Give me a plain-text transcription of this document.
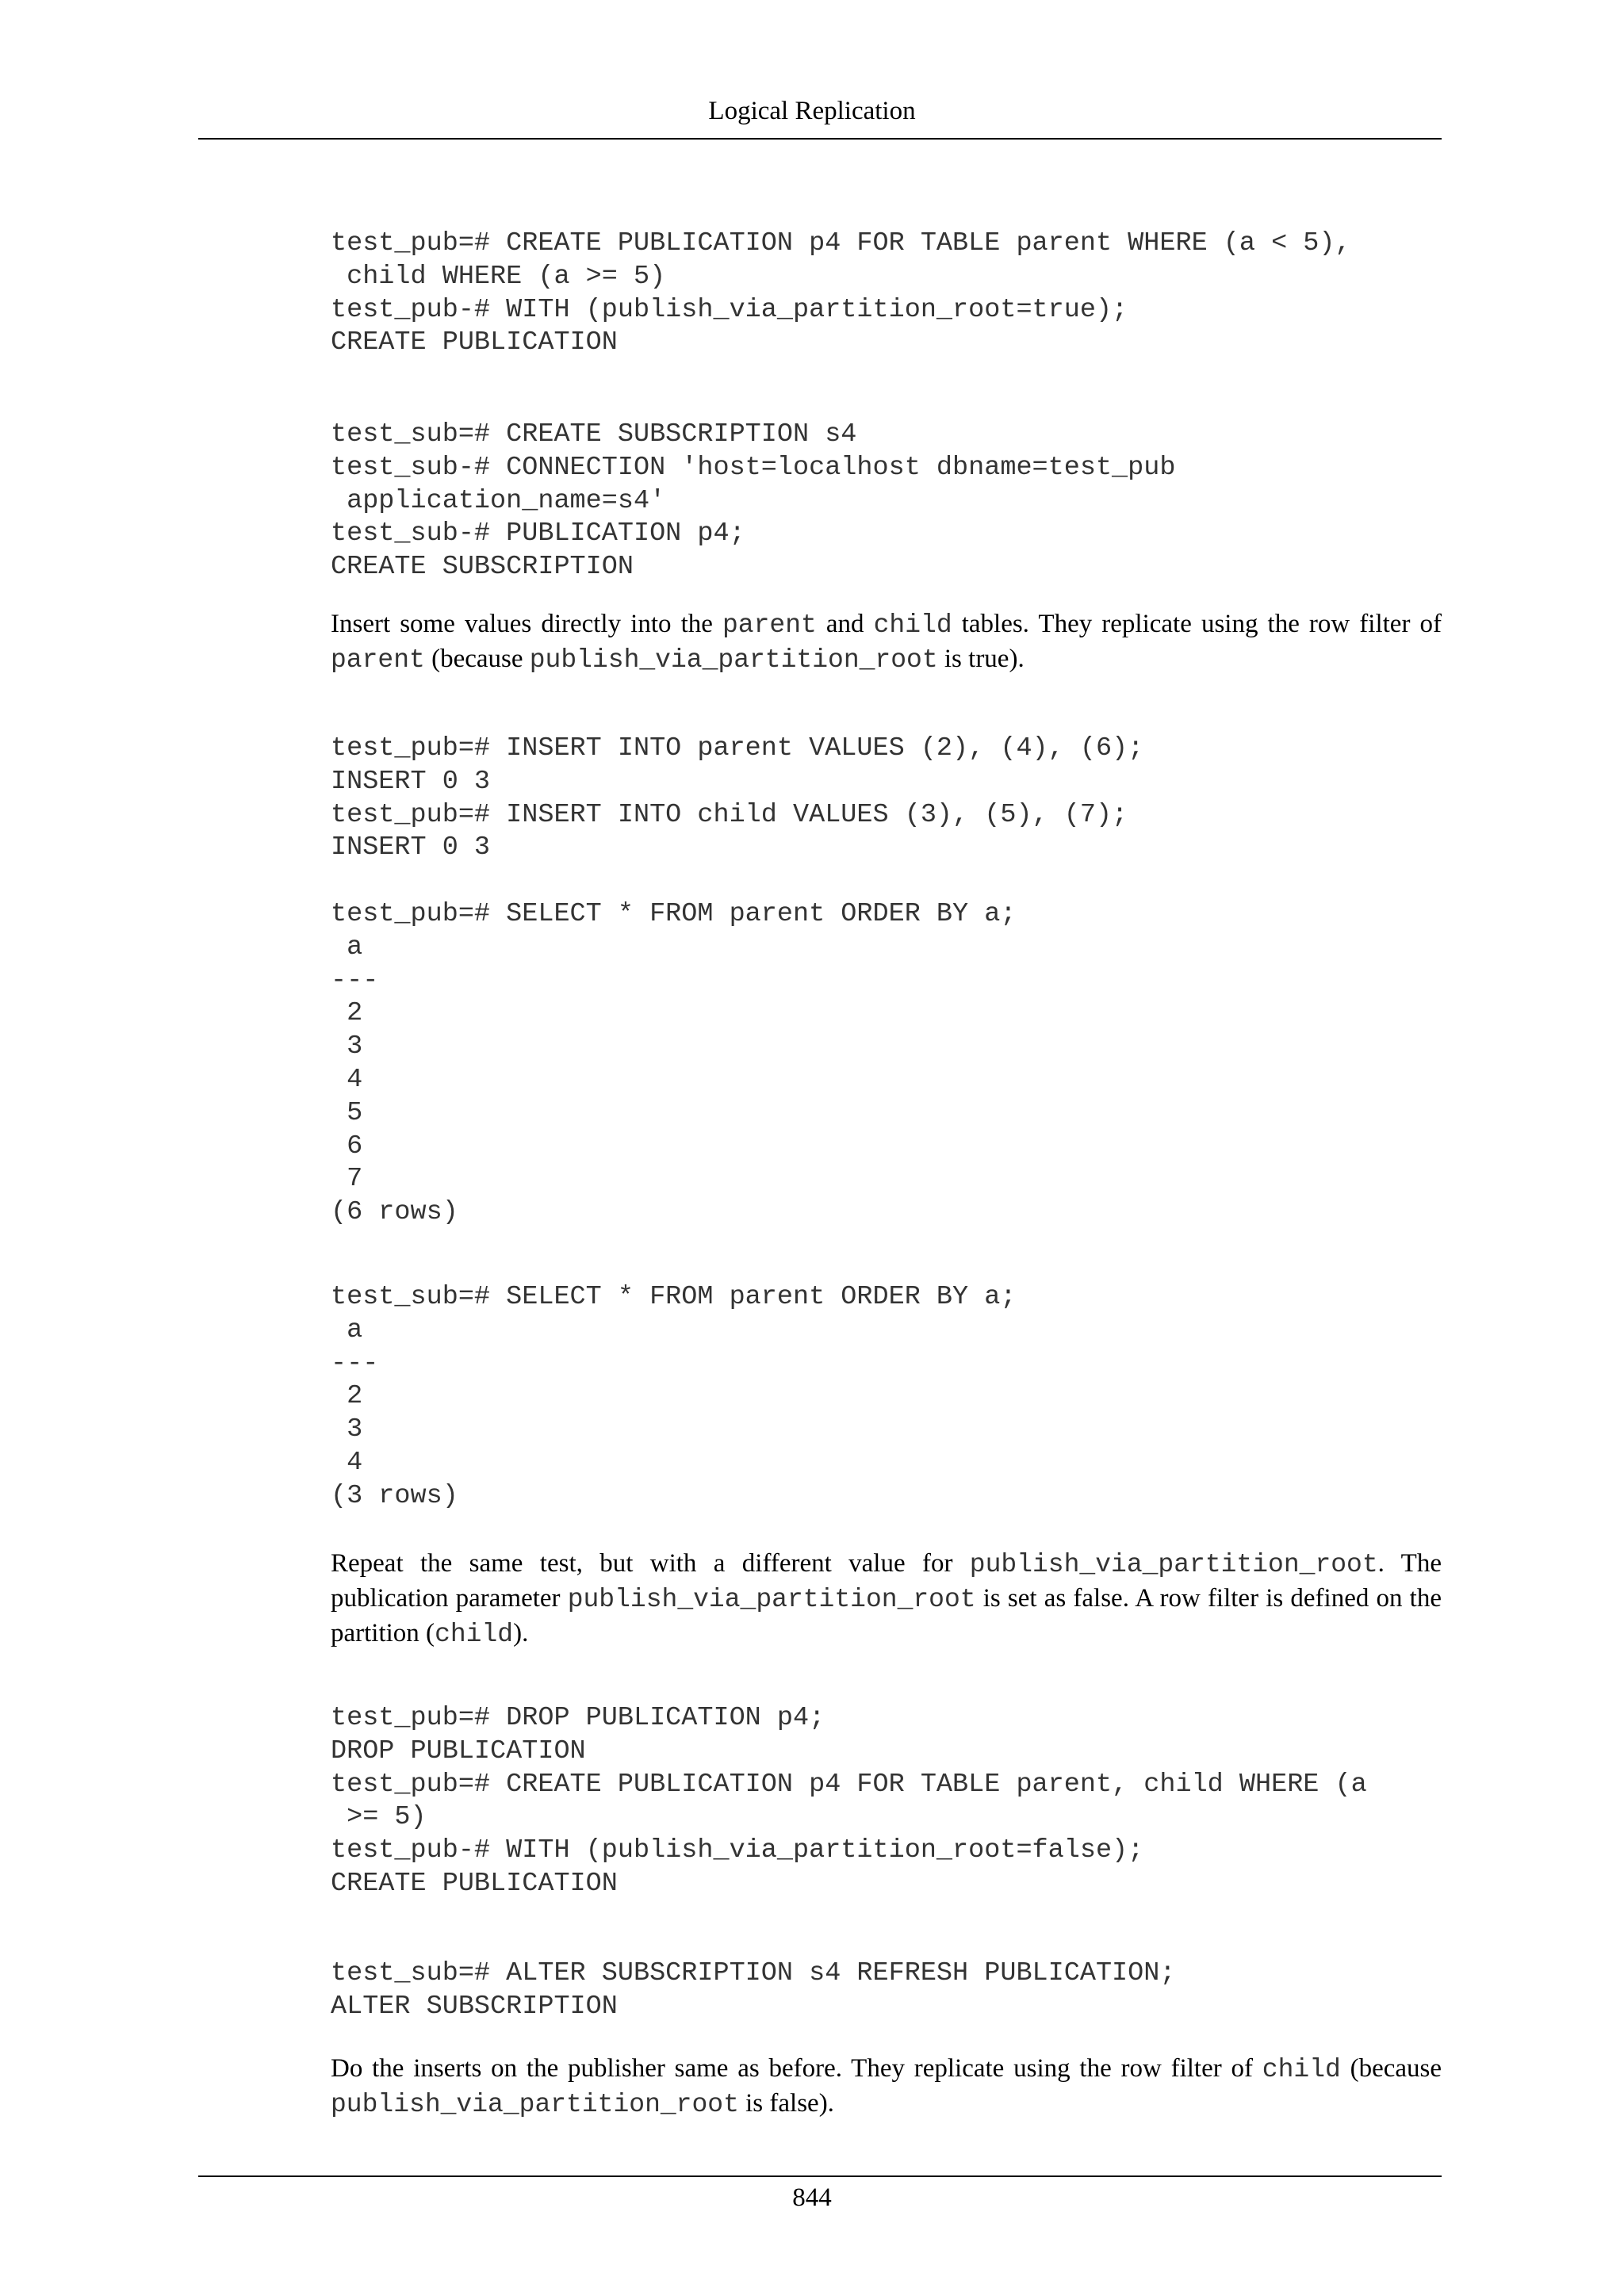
Logical Replication
test_pub=# CREATE PUBLICATION p4 FOR TABLE parent WHERE (a < 5),
child WHERE (a >= 5)
test_pub-# WITH (publish_via_partition_root=true);
CREATE PUBLICATION
test_sub=# CREATE SUBSCRIPTION s4
test_sub-# CONNECTION 'host=localhost dbname=test_pub
application_name=s4'
test_sub-# PUBLICATION p4;
CREATE SUBSCRIPTION

Insert some values directly into the parent and child tables. They replicate using the row filter of parent (because publish_via_partition_root is true).

test_pub=# INSERT INTO parent VALUES (2), (4), (6);
INSERT 0 3
test_pub=# INSERT INTO child VALUES (3), (5), (7);
INSERT 0 3

test_pub=# SELECT * FROM parent ORDER BY a;
a
---
2
3
4
5
6
7
(6 rows)
test_sub=# SELECT * FROM parent ORDER BY a;
a
---
2
3
4
(3 rows)

Repeat the same test, but with a different value for publish_via_partition_root. The publication parameter publish_via_partition_root is set as false. A row filter is defined on the partition (child).

test_pub=# DROP PUBLICATION p4;
DROP PUBLICATION
test_pub=# CREATE PUBLICATION p4 FOR TABLE parent, child WHERE (a
>= 5)
test_pub-# WITH (publish_via_partition_root=false);
CREATE PUBLICATION
test_sub=# ALTER SUBSCRIPTION s4 REFRESH PUBLICATION;
ALTER SUBSCRIPTION

Do the inserts on the publisher same as before. They replicate using the row filter of child (because publish_via_partition_root is false).

844
